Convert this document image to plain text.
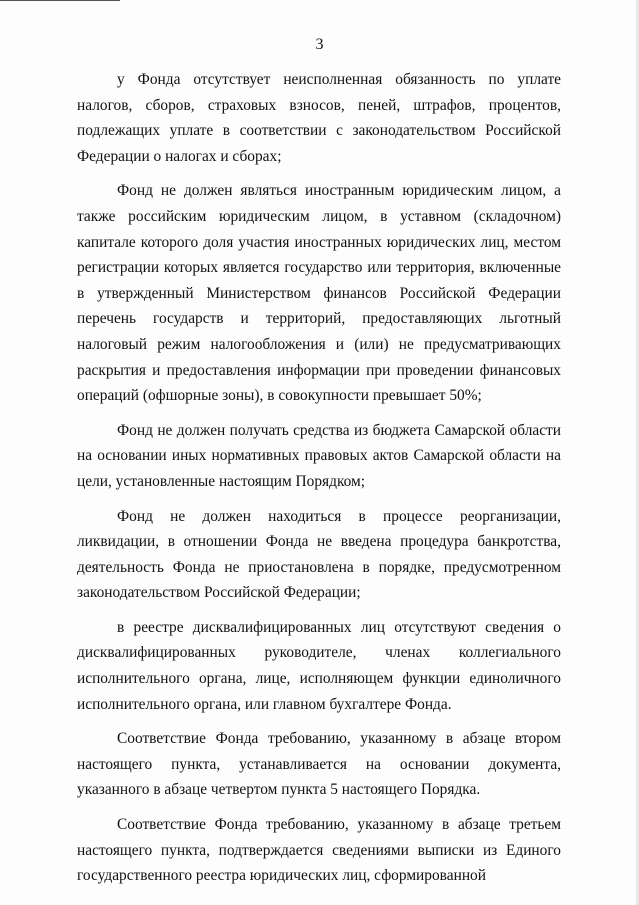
3

у Фонда отсутствует неисполненная обязанность по уплате налогов, сборов, страховых взносов, пеней, штрафов, процентов, подлежащих уплате в соответствии с законодательством Российской Федерации о налогах и сборах;

Фонд не должен являться иностранным юридическим лицом, а также российским юридическим лицом, в уставном (складочном) капитале которого доля участия иностранных юридических лиц, местом регистрации которых является государство или территория, включенные в утвержденный Министерством финансов Российской Федерации перечень государств и территорий, предоставляющих льготный налоговый режим налогообложения и (или) не предусматривающих раскрытия и предоставления информации при проведении финансовых операций (офшорные зоны), в совокупности превышает 50%;

Фонд не должен получать средства из бюджета Самарской области на основании иных нормативных правовых актов Самарской области на цели, установленные настоящим Порядком;

Фонд не должен находиться в процессе реорганизации, ликвидации, в отношении Фонда не введена процедура банкротства, деятельность Фонда не приостановлена в порядке, предусмотренном законодательством Российской Федерации;

в реестре дисквалифицированных лиц отсутствуют сведения о дисквалифицированных руководителе, членах коллегиального исполнительного органа, лице, исполняющем функции единоличного исполнительного органа, или главном бухгалтере Фонда.

Соответствие Фонда требованию, указанному в абзаце втором настоящего пункта, устанавливается на основании документа, указанного в абзаце четвертом пункта 5 настоящего Порядка.

Соответствие Фонда требованию, указанному в абзаце третьем настоящего пункта, подтверждается сведениями выписки из Единого государственного реестра юридических лиц, сформированной
